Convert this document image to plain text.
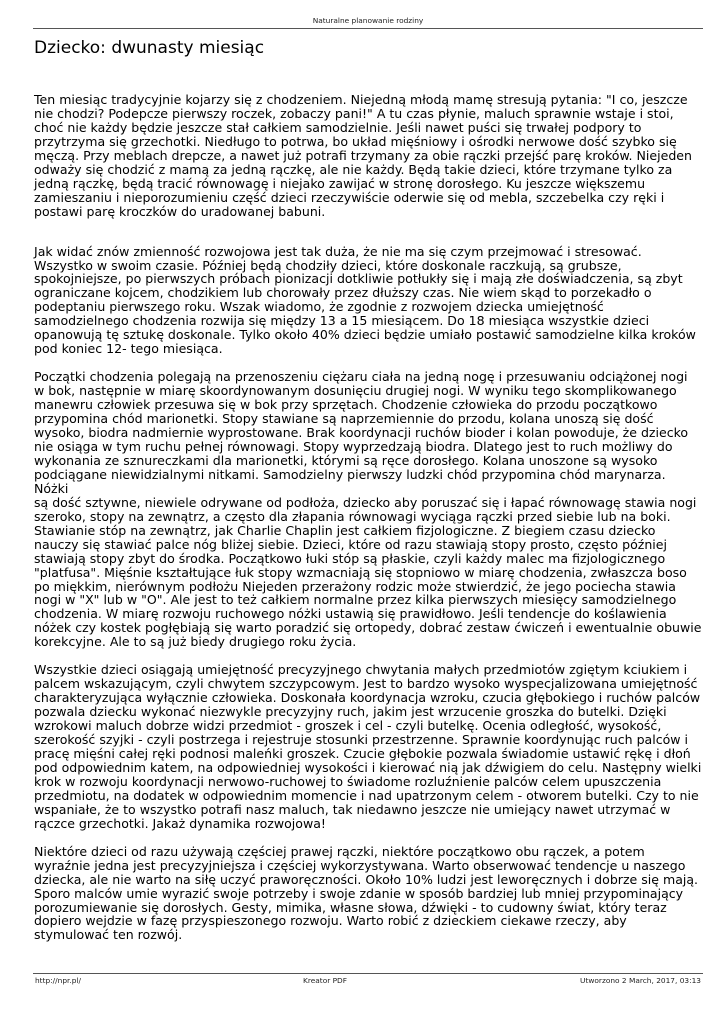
Naturalne planowanie rodziny
Dziecko: dwunasty miesiąc

Ten miesiąc tradycyjnie kojarzy się z chodzeniem. Niejedną młodą mamę stresują pytania: "I co, jeszcze
nie chodzi? Podepcze pierwszy roczek, zobaczy pani!" A tu czas płynie, maluch sprawnie wstaje i stoi,
choć nie każdy będzie jeszcze stał całkiem samodzielnie. Jeśli nawet puści się trwałej podpory to
przytrzyma się grzechotki. Niedługo to potrwa, bo układ mięśniowy i ośrodki nerwowe dość szybko się
męczą. Przy meblach drepcze, a nawet już potrafi trzymany za obie rączki przejść parę kroków. Niejeden
odważy się chodzić z mamą za jedną rączkę, ale nie każdy. Będą takie dzieci, które trzymane tylko za
jedną rączkę, będą tracić równowagę i niejako zawijać w stronę dorosłego. Ku jeszcze większemu
zamieszaniu i nieporozumieniu część dzieci rzeczywiście oderwie się od mebla, szczebelka czy ręki i
postawi parę kroczków do uradowanej babuni.

Jak widać znów zmienność rozwojowa jest tak duża, że nie ma się czym przejmować i stresować.
Wszystko w swoim czasie. Później będą chodziły dzieci, które doskonale raczkują, są grubsze,
spokojniejsze, po pierwszych próbach pionizacji dotkliwie potłukły się i mają złe doświadczenia, są zbyt
ograniczane kojcem, chodzikiem lub chorowały przez dłuższy czas. Nie wiem skąd to porzekadło o
podeptaniu pierwszego roku. Wszak wiadomo, że zgodnie z rozwojem dziecka umiejętność
samodzielnego chodzenia rozwija się między 13 a 15 miesiącem. Do 18 miesiąca wszystkie dzieci
opanowują tę sztukę doskonale. Tylko około 40% dzieci będzie umiało postawić samodzielne kilka kroków
pod koniec 12- tego miesiąca.

Początki chodzenia polegają na przenoszeniu ciężaru ciała na jedną nogę i przesuwaniu odciążonej nogi
w bok, następnie w miarę skoordynowanym dosunięciu drugiej nogi. W wyniku tego skomplikowanego
manewru człowiek przesuwa się w bok przy sprzętach. Chodzenie człowieka do przodu początkowo
przypomina chód marionetki. Stopy stawiane są naprzemiennie do przodu, kolana unoszą się dość
wysoko, biodra nadmiernie wyprostowane. Brak koordynacji ruchów bioder i kolan powoduje, że dziecko
nie osiąga w tym ruchu pełnej równowagi. Stopy wyprzedzają biodra. Dlatego jest to ruch możliwy do
wykonania ze sznureczkami dla marionetki, którymi są ręce dorosłego. Kolana unoszone są wysoko
podciągane niewidzialnymi nitkami. Samodzielny pierwszy ludzki chód przypomina chód marynarza. Nóżki
są dość sztywne, niewiele odrywane od podłoża, dziecko aby poruszać się i łapać równowagę stawia nogi
szeroko, stopy na zewnątrz, a często dla złapania równowagi wyciąga rączki przed siebie lub na boki.
Stawianie stóp na zewnątrz, jak Charlie Chaplin jest całkiem fizjologiczne. Z biegiem czasu dziecko
nauczy się stawiać palce nóg bliżej siebie. Dzieci, które od razu stawiają stopy prosto, często później
stawiają stopy zbyt do środka. Początkowo łuki stóp są płaskie, czyli każdy malec ma fizjologicznego
"platfusa". Mięśnie kształtujące łuk stopy wzmacniają się stopniowo w miarę chodzenia, zwłaszcza boso
po miękkim, nierównym podłożu Niejeden przerażony rodzic może stwierdzić, że jego pociecha stawia
nogi w "X" lub w "O". Ale jest to też całkiem normalne przez kilka pierwszych miesięcy samodzielnego
chodzenia. W miarę rozwoju ruchowego nóżki ustawią się prawidłowo. Jeśli tendencje do koślawienia
nóżek czy kostek pogłębiają się warto poradzić się ortopedy, dobrać zestaw ćwiczeń i ewentualnie obuwie
korekcyjne. Ale to są już biedy drugiego roku życia.

Wszystkie dzieci osiągają umiejętność precyzyjnego chwytania małych przedmiotów zgiętym kciukiem i
palcem wskazującym, czyli chwytem szczypcowym. Jest to bardzo wysoko wyspecjalizowana umiejętność
charakteryzująca wyłącznie człowieka. Doskonała koordynacja wzroku, czucia głębokiego i ruchów palców
pozwala dziecku wykonać niezwykle precyzyjny ruch, jakim jest wrzucenie groszka do butelki. Dzięki
wzrokowi maluch dobrze widzi przedmiot - groszek i cel - czyli butelkę. Ocenia odległość, wysokość,
szerokość szyjki - czyli postrzega i rejestruje stosunki przestrzenne. Sprawnie koordynując ruch palców i
pracę mięśni całej ręki podnosi maleńki groszek. Czucie głębokie pozwala świadomie ustawić rękę i dłoń
pod odpowiednim katem, na odpowiedniej wysokości i kierować nią jak dźwigiem do celu. Następny wielki
krok w rozwoju koordynacji nerwowo-ruchowej to świadome rozluźnienie palców celem upuszczenia
przedmiotu, na dodatek w odpowiednim momencie i nad upatrzonym celem - otworem butelki. Czy to nie
wspaniałe, że to wszystko potrafi nasz maluch, tak niedawno jeszcze nie umiejący nawet utrzymać w
rączce grzechotki. Jakaż dynamika rozwojowa!

Niektóre dzieci od razu używają częściej prawej rączki, niektóre początkowo obu rączek, a potem
wyraźnie jedna jest precyzyjniejsza i częściej wykorzystywana. Warto obserwować tendencje u naszego
dziecka, ale nie warto na siłę uczyć praworęczności. Około 10% ludzi jest leworęcznych i dobrze się mają.
Sporo malców umie wyrazić swoje potrzeby i swoje zdanie w sposób bardziej lub mniej przypominający
porozumiewanie się dorosłych. Gesty, mimika, własne słowa, dźwięki - to cudowny świat, który teraz
dopiero wejdzie w fazę przyspieszonego rozwoju. Warto robić z dzieckiem ciekawe rzeczy, aby
stymulować ten rozwój.

http://npr.pl/	Kreator PDF	Utworzono 2 March, 2017, 03:13
